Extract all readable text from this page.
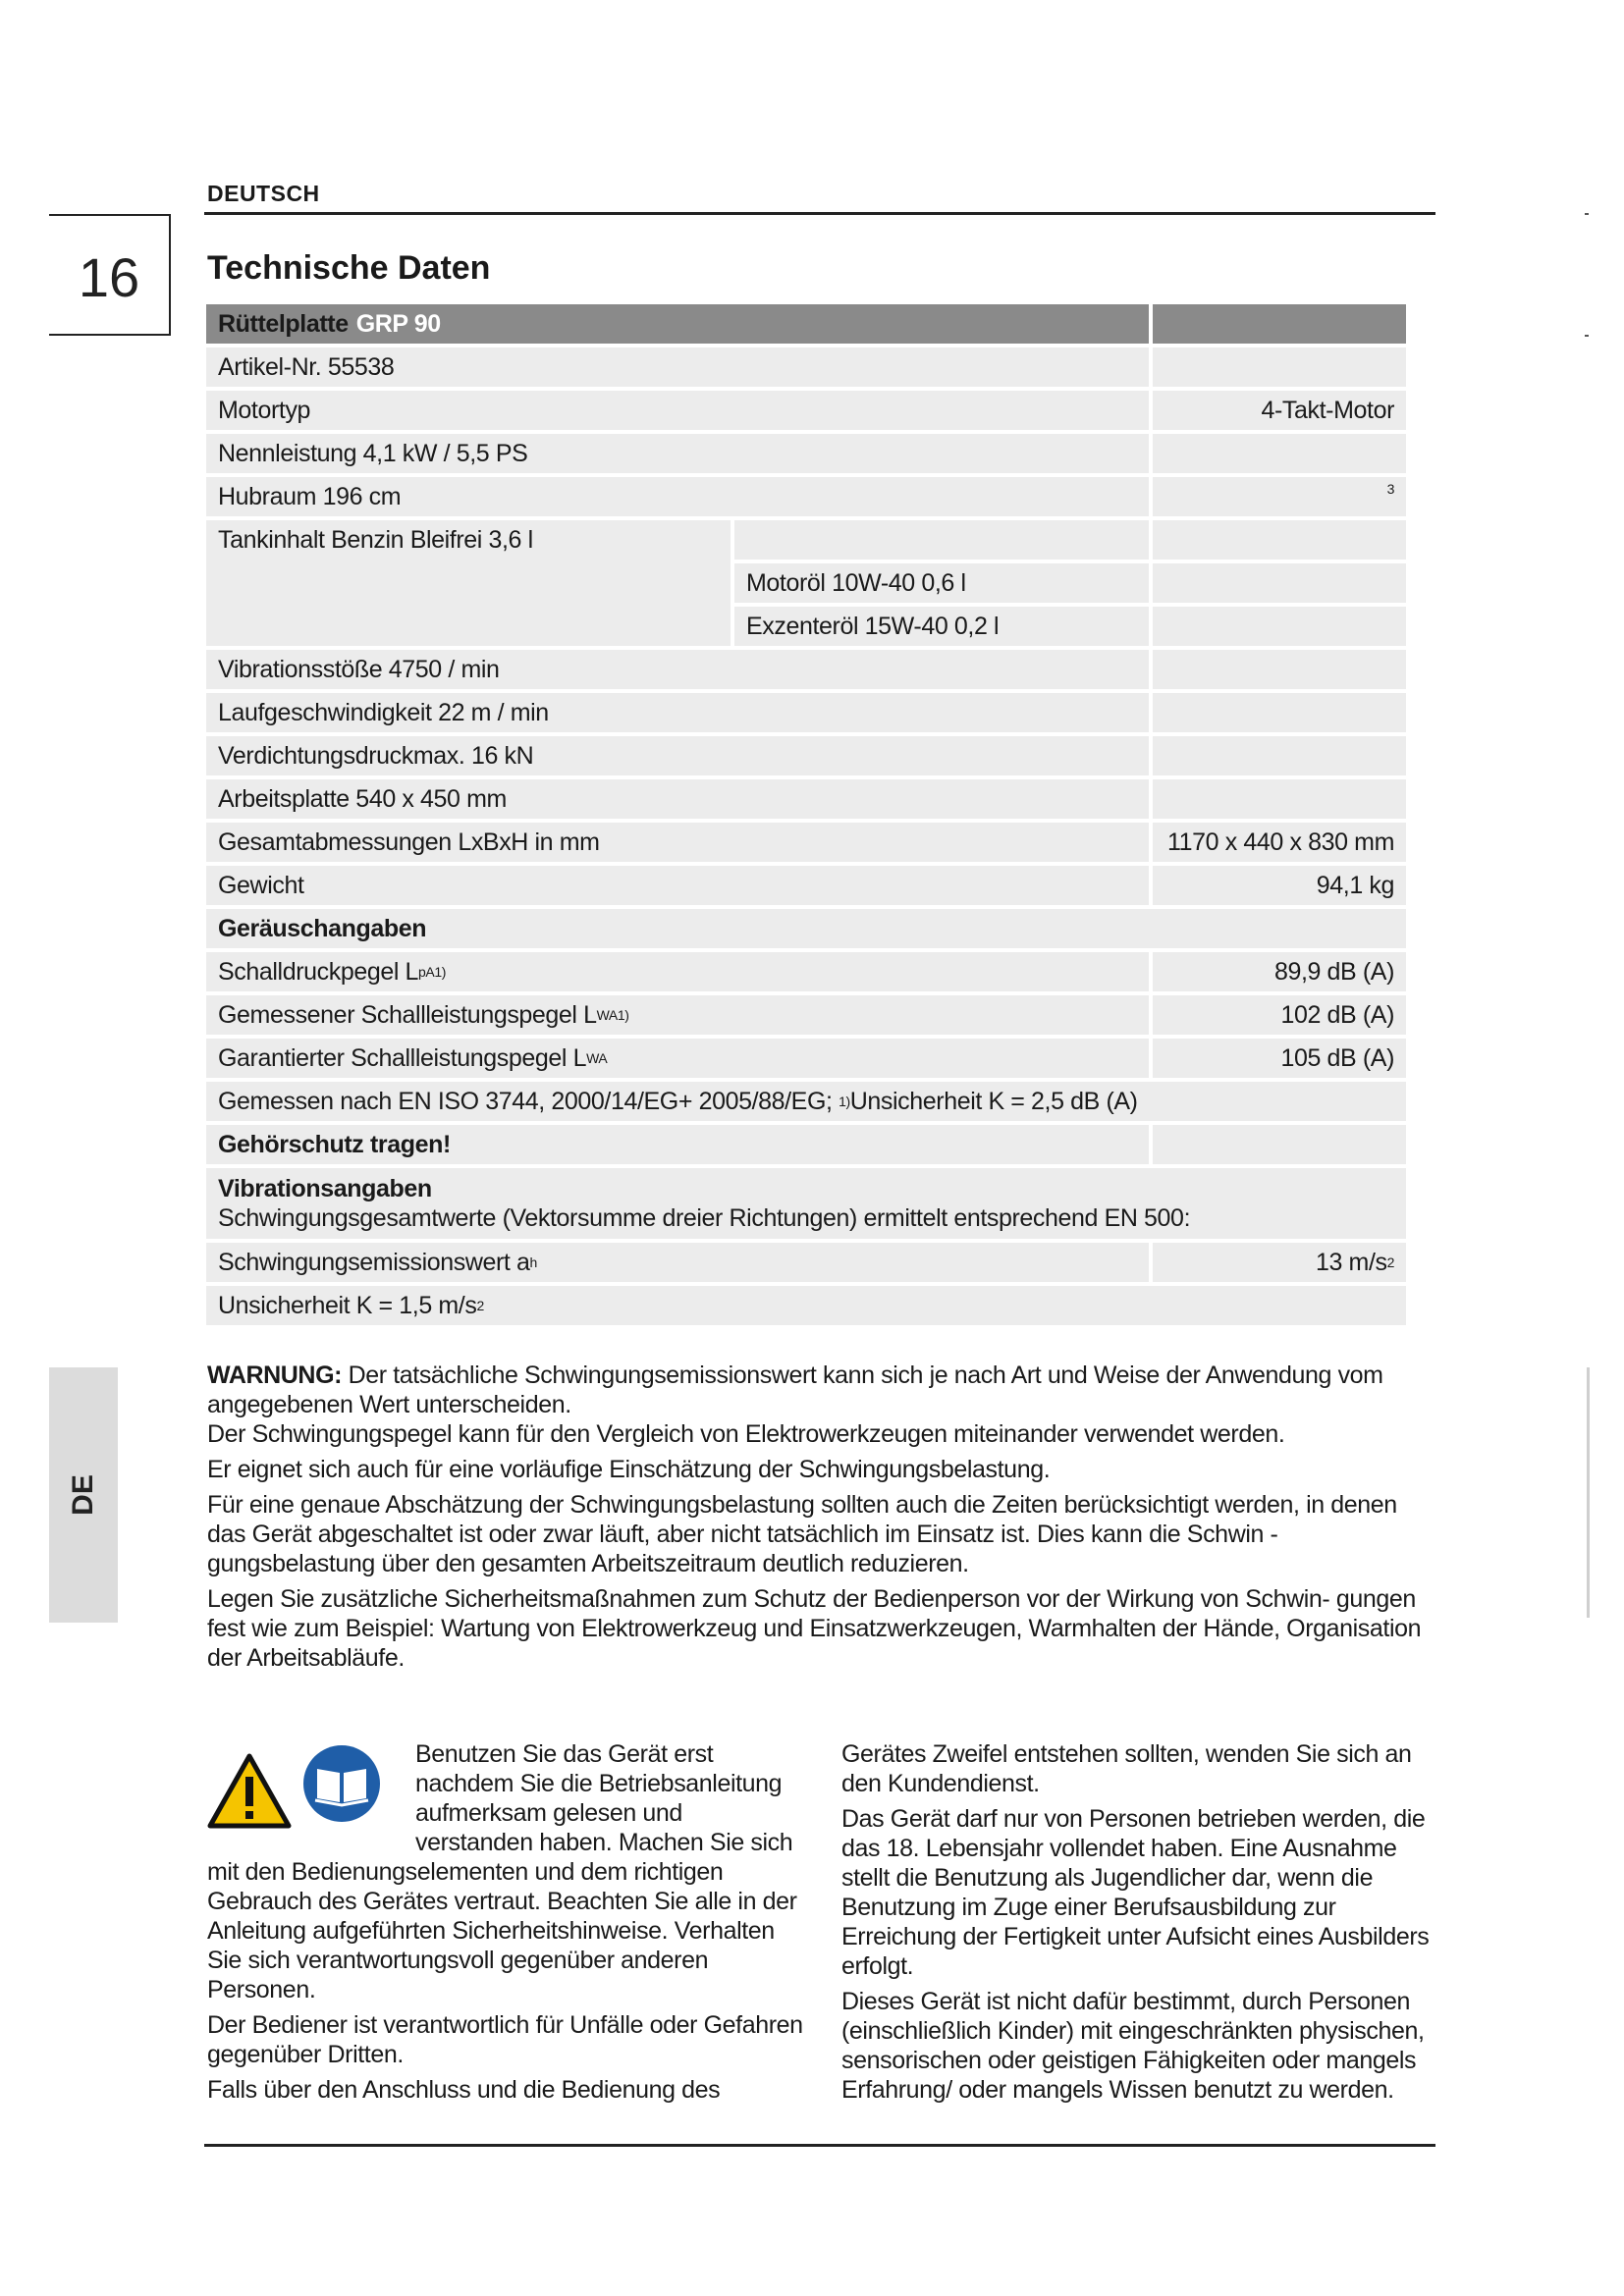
DEUTSCH
16	Technische Daten
Rüttelplatte GRP 90
Artikel-Nr. 55538
Motortyp	4-Takt-Motor
Nennleistung 4,1 kW / 5,5 PS
Hubraum 196 cm	3
Tankinhalt Benzin Bleifrei 3,6 l
Motoröl 10W-40 0,6 l
Exzenteröl 15W-40 0,2 l
Vibrationsstöße 4750 / min
Laufgeschwindigkeit 22 m / min
Verdichtungsdruckmax. 16 kN
Arbeitsplatte 540 x 450 mm
Gesamtabmessungen LxBxH in mm	1170 x 440 x 830 mm
Gewicht	94,1 kg
Geräuschangaben
Schalldruckpegel L pA 1)	89,9 dB (A)
Gemessener Schallleistungspegel L WA 1)	102 dB (A)
Garantierter Schallleistungspegel L WA	105 dB (A)
Gemessen nach EN ISO 3744, 2000/14/EG+ 2005/88/EG;
1) Unsicherheit K = 2,5 dB (A)
Gehörschutz tragen!
Vibrationsangaben
Schwingungsgesamtwerte (Vektorsumme dreier Richtungen) ermittelt entsprechend EN 500:
Schwingungsemissionswert a h	13 m/s 2
Unsicherheit K = 1,5 m/s 2
DE

WARNUNG: Der tatsächliche Schwingungsemissionswert kann sich je nach Art und Weise der Anwendung vom angegebenen Wert unterscheiden.
Der Schwingungspegel kann für den Vergleich von Elektrowerkzeugen miteinander verwendet werden.

Er eignet sich auch für eine vorläufige Einschätzung der Schwingungsbelastung.

Für eine genaue Abschätzung der Schwingungsbelastung sollten auch die Zeiten berücksichtigt werden, in denen das Gerät abgeschaltet ist oder zwar läuft, aber nicht tatsächlich im Einsatz ist. Dies kann die Schwin - gungsbelastung über den gesamten Arbeitszeitraum deutlich reduzieren.

Legen Sie zusätzliche Sicherheitsmaßnahmen zum Schutz der Bedienperson vor der Wirkung von Schwin- gungen fest wie zum Beispiel: Wartung von Elektrowerkzeug und Einsatzwerkzeugen, Warmhalten der Hände, Organisation der Arbeitsabläufe.

Benutzen Sie das Gerät erst nachdem Sie die Betriebsanleitung aufmerksam gelesen und verstanden haben. Machen Sie sich mit den Bedienungselementen und dem richtigen Gebrauch des Gerätes vertraut. Beachten Sie alle in der Anleitung aufgeführten Sicherheitshinweise. Verhalten Sie sich verantwortungsvoll gegenüber anderen Personen.

Der Bediener ist verantwortlich für Unfälle oder Gefahren gegenüber Dritten.

Falls über den Anschluss und die Bedienung des

Gerätes Zweifel entstehen sollten, wenden Sie sich an den Kundendienst.

Das Gerät darf nur von Personen betrieben werden, die das 18. Lebensjahr vollendet haben. Eine Ausnahme stellt die Benutzung als Jugendlicher dar, wenn die Benutzung im Zuge einer Berufsausbildung zur Erreichung der Fertigkeit unter Aufsicht eines Ausbilders erfolgt.

Dieses Gerät ist nicht dafür bestimmt, durch Personen (einschließlich Kinder) mit eingeschränkten physischen, sensorischen oder geistigen Fähigkeiten oder mangels Erfahrung/ oder mangels Wissen benutzt zu werden.
